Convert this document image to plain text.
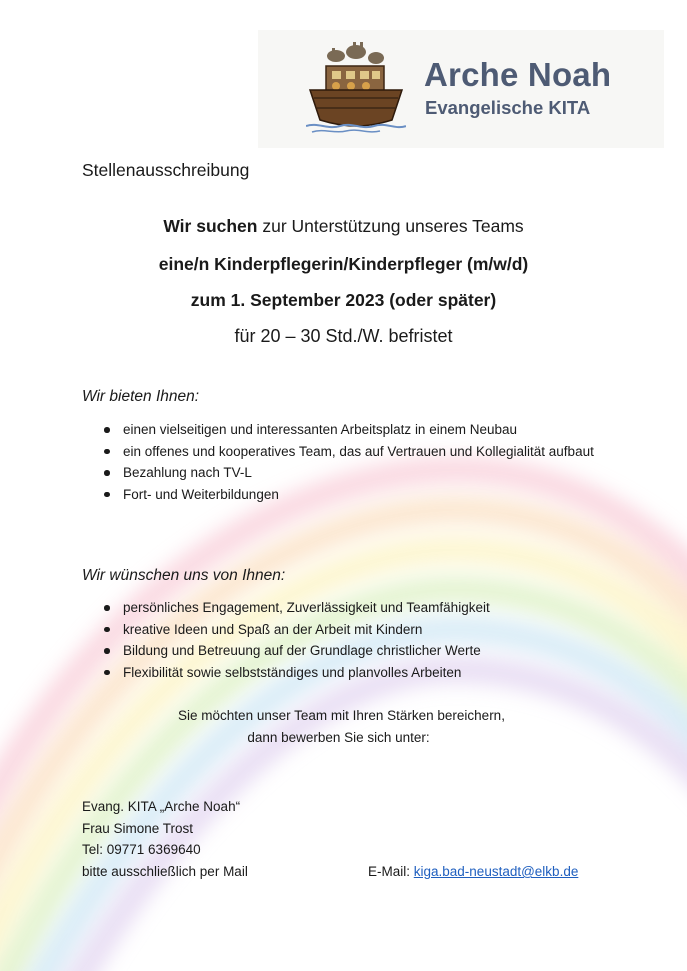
Arche Noah
Evangelische KITA
Stellenausschreibung
Wir suchen zur Unterstützung unseres Teams
eine/n Kinderpflegerin/Kinderpfleger (m/w/d)
zum 1. September 2023 (oder später)
für 20 – 30 Std./W. befristet
Wir bieten Ihnen:
einen vielseitigen und interessanten Arbeitsplatz in einem Neubau
ein offenes und kooperatives Team, das auf Vertrauen und Kollegialität aufbaut
Bezahlung nach TV-L
Fort- und Weiterbildungen
Wir wünschen uns von Ihnen:
persönliches Engagement, Zuverlässigkeit und Teamfähigkeit
kreative Ideen und Spaß an der Arbeit mit Kindern
Bildung und Betreuung auf der Grundlage christlicher Werte
Flexibilität sowie selbstständiges und planvolles Arbeiten
Sie möchten unser Team mit Ihren Stärken bereichern,
dann bewerben Sie sich unter:
Evang. KITA „Arche Noah“
Frau Simone Trost
Tel: 09771 6369640
bitte ausschließlich per Mail	E-Mail: kiga.bad-neustadt@elkb.de
